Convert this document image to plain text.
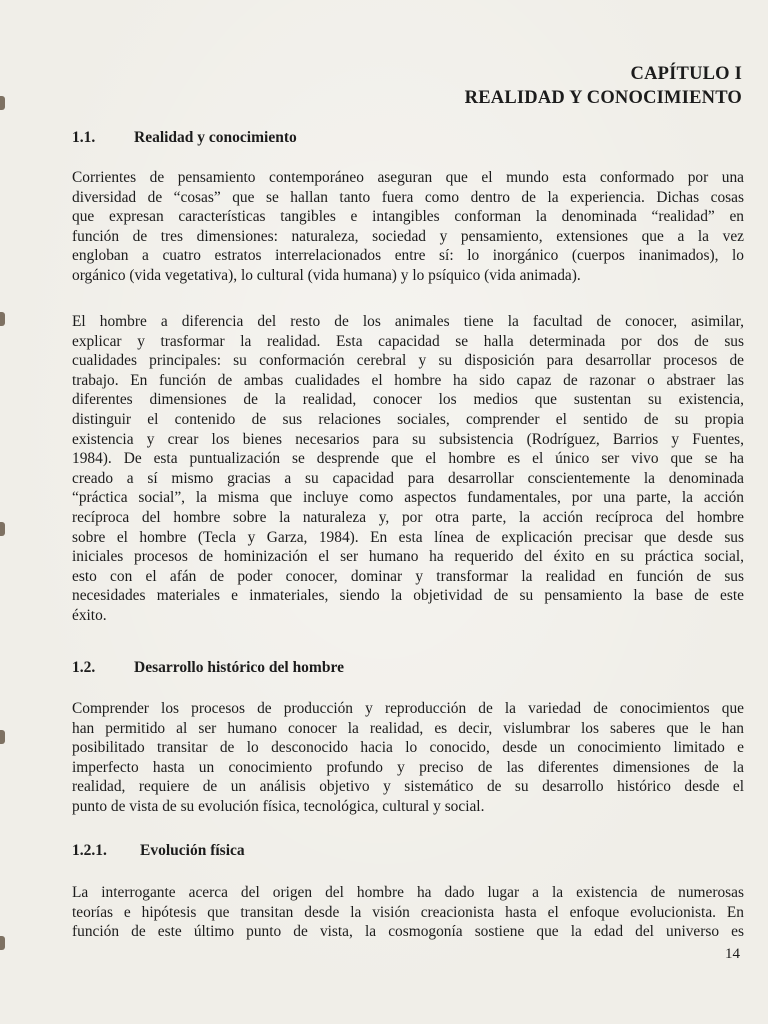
CAPÍTULO I
REALIDAD Y CONOCIMIENTO
1.1.	Realidad y conocimiento
Corrientes de pensamiento contemporáneo aseguran que el mundo esta conformado por una
diversidad de “cosas” que se hallan tanto fuera como dentro de la experiencia. Dichas cosas
que expresan características tangibles e intangibles conforman la denominada “realidad” en
función de tres dimensiones: naturaleza, sociedad y pensamiento, extensiones que a la vez
engloban a cuatro estratos interrelacionados entre sí: lo inorgánico (cuerpos inanimados), lo
orgánico (vida vegetativa), lo cultural (vida humana) y lo psíquico (vida animada).
El hombre a diferencia del resto de los animales tiene la facultad de conocer, asimilar,
explicar y trasformar la realidad. Esta capacidad se halla determinada por dos de sus
cualidades principales: su conformación cerebral y su disposición para desarrollar procesos de
trabajo. En función de ambas cualidades el hombre ha sido capaz de razonar o abstraer las
diferentes dimensiones de la realidad, conocer los medios que sustentan su existencia,
distinguir el contenido de sus relaciones sociales, comprender el sentido de su propia
existencia y crear los bienes necesarios para su subsistencia (Rodríguez, Barrios y Fuentes,
1984). De esta puntualización se desprende que el hombre es el único ser vivo que se ha
creado a sí mismo gracias a su capacidad para desarrollar conscientemente la denominada
“práctica social”, la misma que incluye como aspectos fundamentales, por una parte, la acción
recíproca del hombre sobre la naturaleza y, por otra parte, la acción recíproca del hombre
sobre el hombre (Tecla y Garza, 1984). En esta línea de explicación precisar que desde sus
iniciales procesos de hominización el ser humano ha requerido del éxito en su práctica social,
esto con el afán de poder conocer, dominar y transformar la realidad en función de sus
necesidades materiales e inmateriales, siendo la objetividad de su pensamiento la base de este
éxito.
1.2.	Desarrollo histórico del hombre
Comprender los procesos de producción y reproducción de la variedad de conocimientos que
han permitido al ser humano conocer la realidad, es decir, vislumbrar los saberes que le han
posibilitado transitar de lo desconocido hacia lo conocido, desde un conocimiento limitado e
imperfecto hasta un conocimiento profundo y preciso de las diferentes dimensiones de la
realidad, requiere de un análisis objetivo y sistemático de su desarrollo histórico desde el
punto de vista de su evolución física, tecnológica, cultural y social.
1.2.1. Evolución física
La interrogante acerca del origen del hombre ha dado lugar a la existencia de numerosas
teorías e hipótesis que transitan desde la visión creacionista hasta el enfoque evolucionista. En
función de este último punto de vista, la cosmogonía sostiene que la edad del universo es
14
